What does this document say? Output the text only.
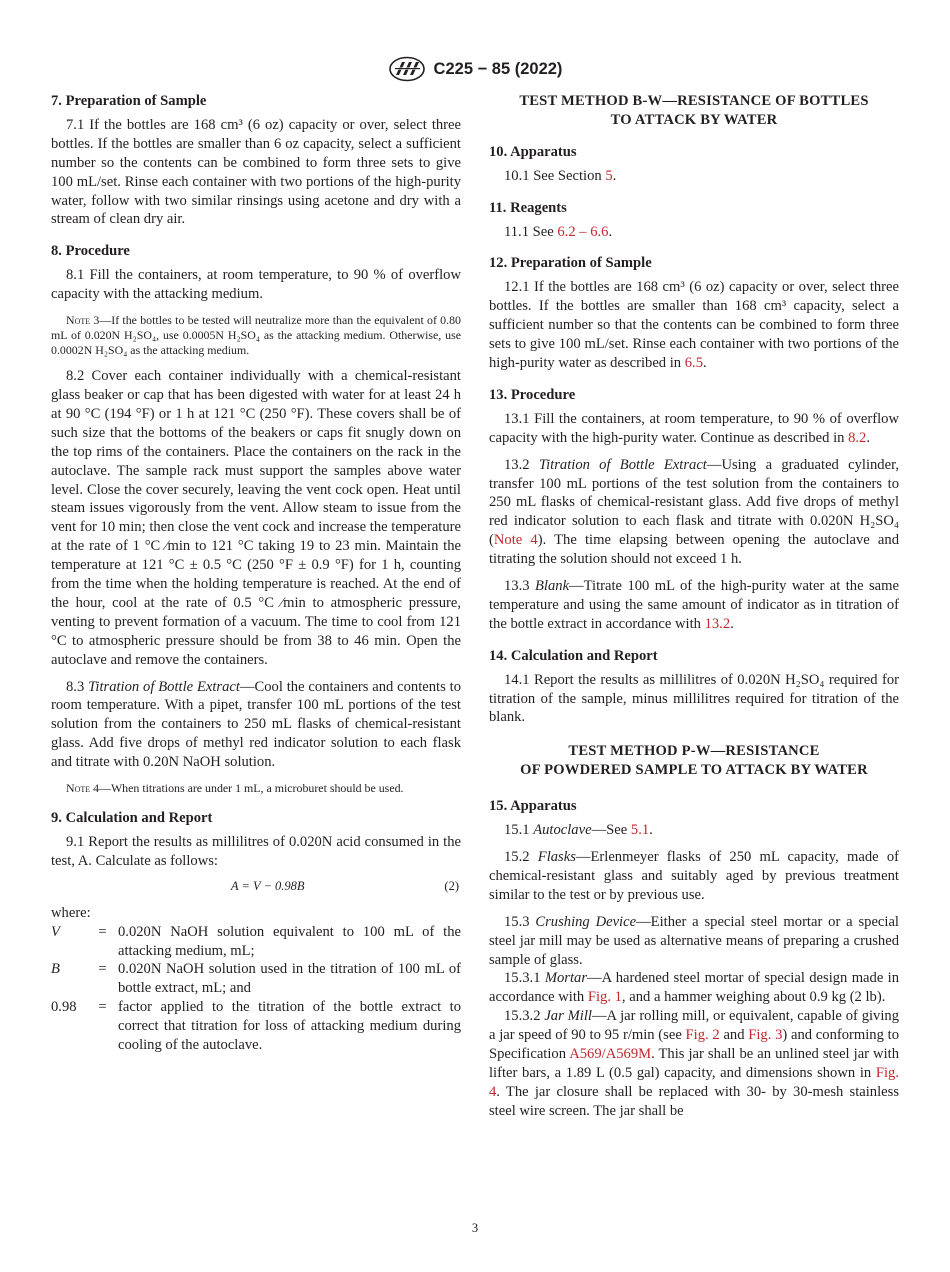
C225 − 85 (2022)

7. Preparation of Sample

7.1 If the bottles are 168 cm³ (6 oz) capacity or over, select three bottles. If the bottles are smaller than 6 oz capacity, select a sufficient number so the contents can be combined to form three sets to give 100 mL/set. Rinse each container with two portions of the high-purity water, follow with two similar rinsings using acetone and dry with a stream of clean dry air.

8. Procedure

8.1 Fill the containers, at room temperature, to 90 % of overflow capacity with the attacking medium.

Note 3—If the bottles to be tested will neutralize more than the equivalent of 0.80 mL of 0.020N H₂SO₄, use 0.0005N H₂SO₄ as the attacking medium. Otherwise, use 0.0002N H₂SO₄ as the attacking medium.

8.2 Cover each container individually with a chemical-resistant glass beaker or cap that has been digested with water for at least 24 h at 90 °C (194 °F) or 1 h at 121 °C (250 °F). These covers shall be of such size that the bottoms of the beakers or caps fit snugly down on the top rims of the containers. Place the containers on the rack in the autoclave. The sample rack must support the samples above water level. Close the cover securely, leaving the vent cock open. Heat until steam issues vigorously from the vent. Allow steam to issue from the vent for 10 min; then close the vent cock and increase the temperature at the rate of 1 °C ⁄min to 121 °C taking 19 to 23 min. Maintain the temperature at 121 °C ± 0.5 °C (250 °F ± 0.9 °F) for 1 h, counting from the time when the holding temperature is reached. At the end of the hour, cool at the rate of 0.5 °C ⁄min to atmospheric pressure, venting to prevent formation of a vacuum. The time to cool from 121 °C to atmospheric pressure should be from 38 to 46 min. Open the autoclave and remove the containers.

8.3 Titration of Bottle Extract—Cool the containers and contents to room temperature. With a pipet, transfer 100 mL portions of the test solution from the containers to 250 mL flasks of chemical-resistant glass. Add five drops of methyl red indicator solution to each flask and titrate with 0.20N NaOH solution.

Note 4—When titrations are under 1 mL, a microburet should be used.

9. Calculation and Report

9.1 Report the results as millilitres of 0.020N acid consumed in the test, A. Calculate as follows:

A = V − 0.98B	(2)

where:

V	= 0.020N NaOH solution equivalent to 100 mL of the attacking medium, mL;
B	= 0.020N NaOH solution used in the titration of 100 mL of bottle extract, mL; and
0.98	= factor applied to the titration of the bottle extract to correct that titration for loss of attacking medium during cooling of the autoclave.

TEST METHOD B-W—RESISTANCE OF BOTTLES
TO ATTACK BY WATER

10. Apparatus

10.1 See Section 5.

11. Reagents

11.1 See 6.2 – 6.6.

12. Preparation of Sample

12.1 If the bottles are 168 cm³ (6 oz) capacity or over, select three bottles. If the bottles are smaller than 168 cm³ capacity, select a sufficient number so that the contents can be combined to form three sets to give 100 mL/set. Rinse each container with two portions of the high-purity water as described in 6.5.

13. Procedure

13.1 Fill the containers, at room temperature, to 90 % of overflow capacity with the high-purity water. Continue as described in 8.2.

13.2 Titration of Bottle Extract—Using a graduated cylinder, transfer 100 mL portions of the test solution from the containers to 250 mL flasks of chemical-resistant glass. Add five drops of methyl red indicator solution to each flask and titrate with 0.020N H₂SO₄ (Note 4). The time elapsing between opening the autoclave and titrating the solution should not exceed 1 h.

13.3 Blank—Titrate 100 mL of the high-purity water at the same temperature and using the same amount of indicator as in titration of the bottle extract in accordance with 13.2.

14. Calculation and Report

14.1 Report the results as millilitres of 0.020N H₂SO₄ required for titration of the sample, minus millilitres required for titration of the blank.

TEST METHOD P-W—RESISTANCE
OF POWDERED SAMPLE TO ATTACK BY WATER

15. Apparatus

15.1 Autoclave—See 5.1.

15.2 Flasks—Erlenmeyer flasks of 250 mL capacity, made of chemical-resistant glass and suitably aged by previous treatment similar to the test or by previous use.

15.3 Crushing Device—Either a special steel mortar or a special steel jar mill may be used as alternative means of preparing a crushed sample of glass.

15.3.1 Mortar—A hardened steel mortar of special design made in accordance with Fig. 1, and a hammer weighing about 0.9 kg (2 lb).

15.3.2 Jar Mill—A jar rolling mill, or equivalent, capable of giving a jar speed of 90 to 95 r/min (see Fig. 2 and Fig. 3) and conforming to Specification A569/A569M. This jar shall be an unlined steel jar with lifter bars, a 1.89 L (0.5 gal) capacity, and dimensions shown in Fig. 4. The jar closure shall be replaced with 30- by 30-mesh stainless steel wire screen. The jar shall be

3
